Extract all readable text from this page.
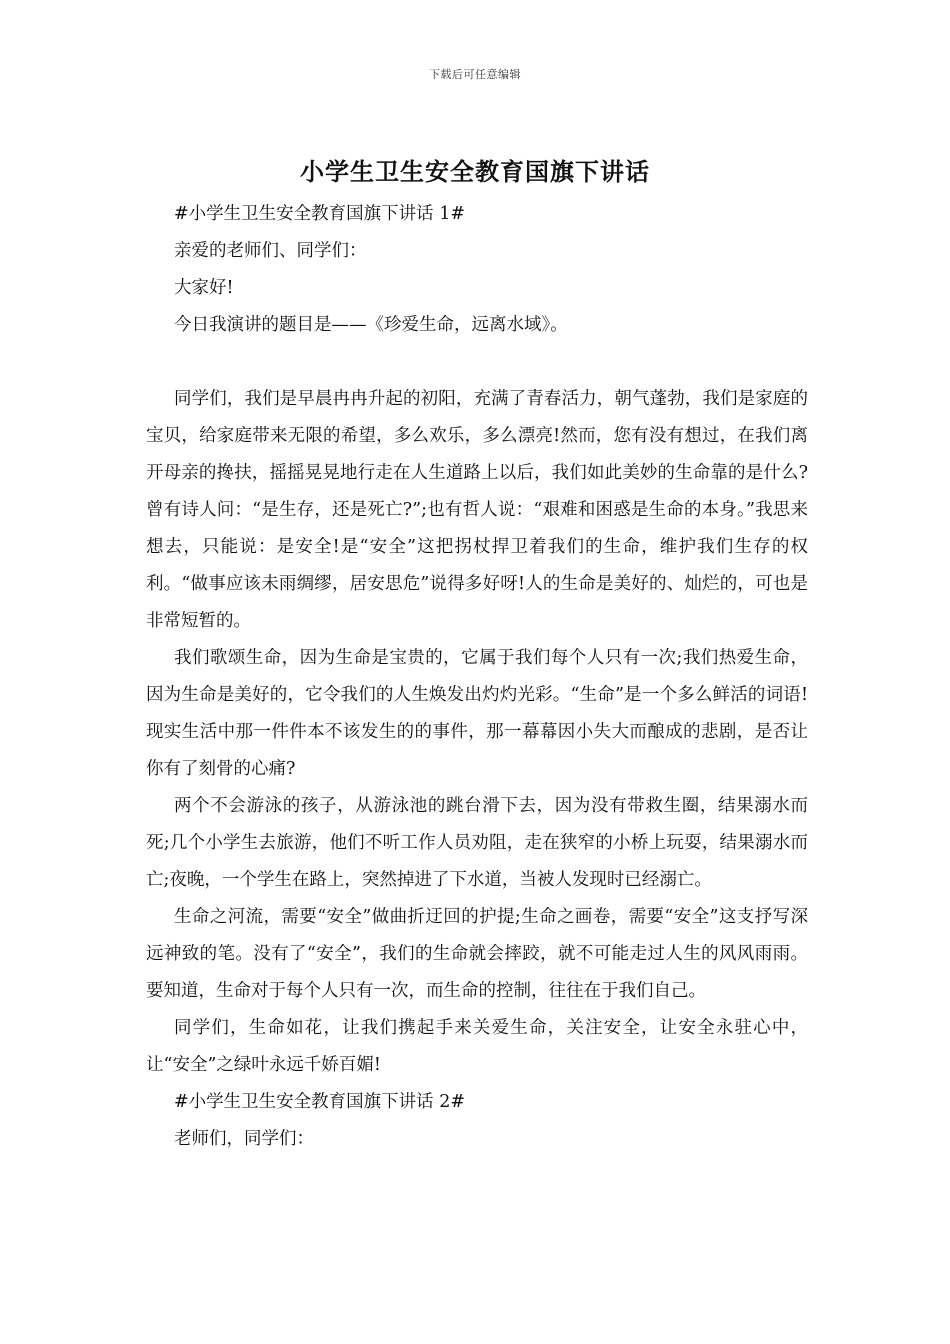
下载后可任意编辑
小学生卫生安全教育国旗下讲话

#小学生卫生安全教育国旗下讲话 1#

亲爱的老师们、同学们：

大家好!

今日我演讲的题目是——《珍爱生命，远离水域》。

同学们，我们是早晨冉冉升起的初阳，充满了青春活力，朝气蓬勃，我们是家庭的宝贝，给家庭带来无限的希望，多么欢乐，多么漂亮!然而，您有没有想过，在我们离开母亲的搀扶，摇摇晃晃地行走在人生道路上以后，我们如此美妙的生命靠的是什么?曾有诗人问：“是生存，还是死亡?”;也有哲人说：“艰难和困惑是生命的本身。”我思来想去，只能说：是安全!是“安全”这把拐杖捍卫着我们的生命，维护我们生存的权利。“做事应该未雨绸缪，居安思危”说得多好呀!人的生命是美好的、灿烂的，可也是非常短暂的。

我们歌颂生命，因为生命是宝贵的，它属于我们每个人只有一次;我们热爱生命，因为生命是美好的，它令我们的人生焕发出灼灼光彩。“生命”是一个多么鲜活的词语!现实生活中那一件件本不该发生的的事件，那一幕幕因小失大而酿成的悲剧，是否让你有了刻骨的心痛?

两个不会游泳的孩子，从游泳池的跳台滑下去，因为没有带救生圈，结果溺水而死;几个小学生去旅游，他们不听工作人员劝阻，走在狭窄的小桥上玩耍，结果溺水而亡;夜晚，一个学生在路上，突然掉进了下水道，当被人发现时已经溺亡。

生命之河流，需要“安全”做曲折迂回的护提;生命之画卷，需要“安全”这支抒写深远神致的笔。没有了“安全”，我们的生命就会摔跤，就不可能走过人生的风风雨雨。要知道，生命对于每个人只有一次，而生命的控制，往往在于我们自己。

同学们，生命如花，让我们携起手来关爱生命，关注安全，让安全永驻心中，让“安全”之绿叶永远千娇百媚!

#小学生卫生安全教育国旗下讲话 2#

老师们，同学们：
